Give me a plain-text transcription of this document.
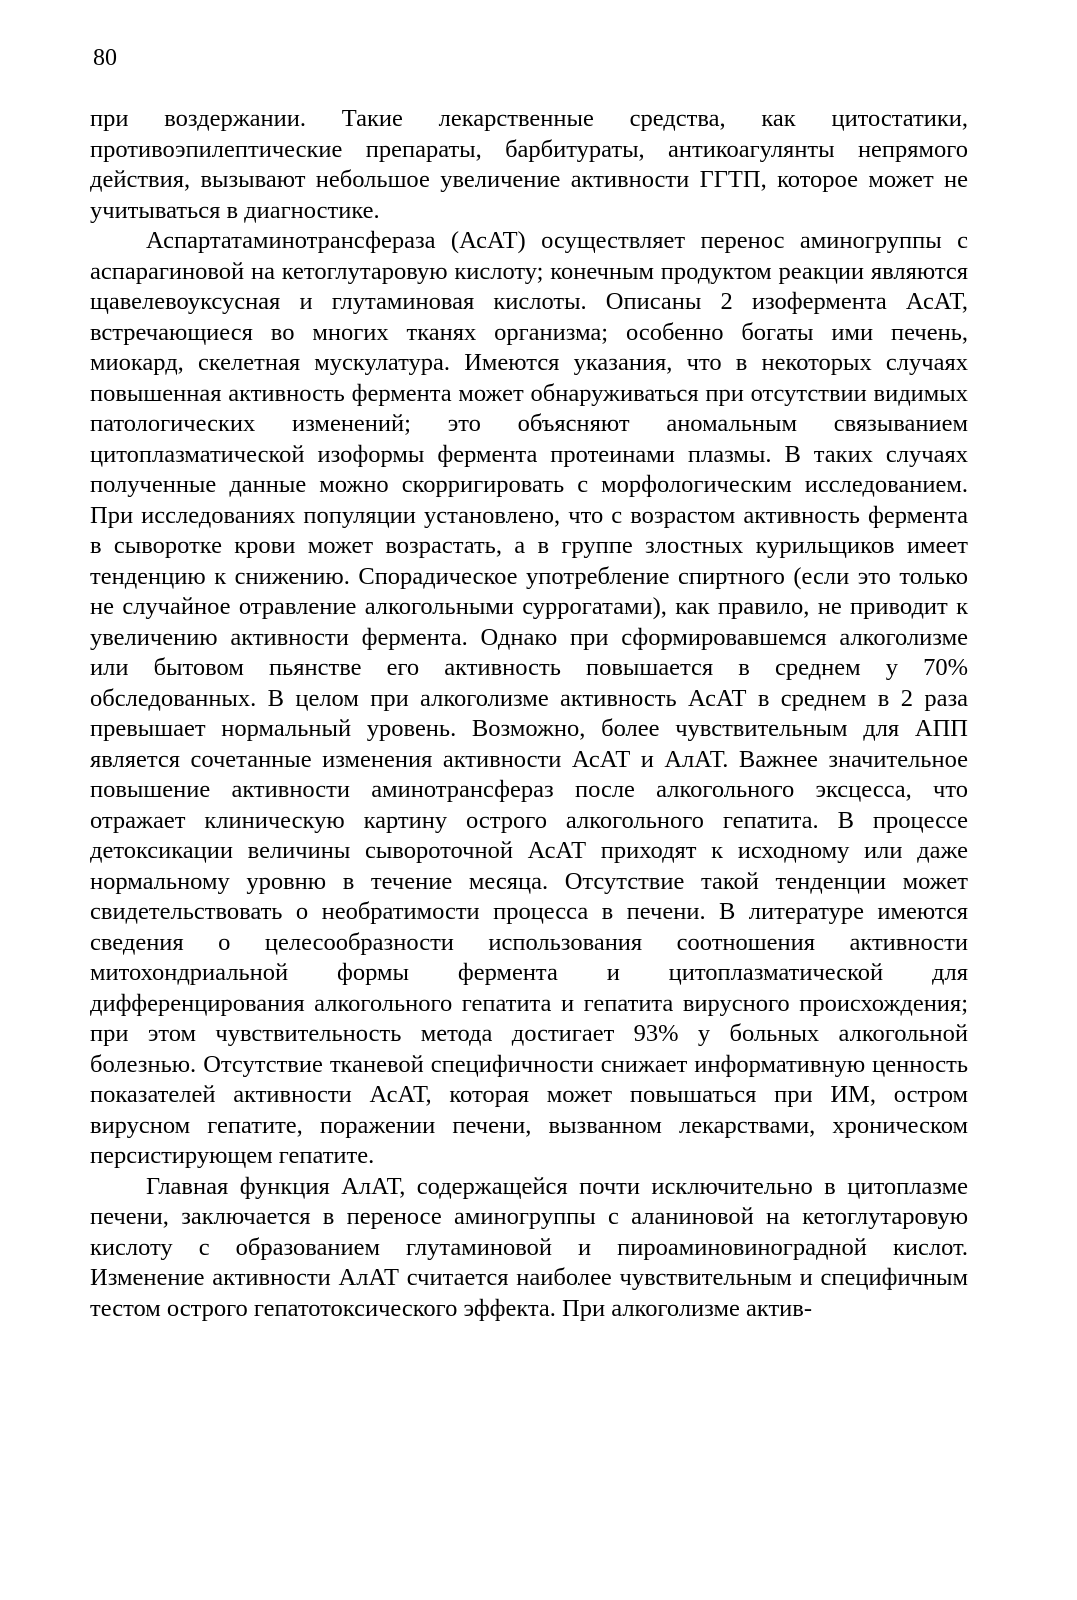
80

при воздержании. Такие лекарственные средства, как цитостатики, противоэпилептические препараты, барбитураты, антикоагулянты непрямого действия, вызывают небольшое увеличение активности ГГТП, которое может не учитываться в диагностике.

Аспартатаминотрансфераза (АсАТ) осуществляет перенос аминогруппы с аспарагиновой на кетоглутаровую кислоту; конечным продуктом реакции являются щавелевоуксусная и глутаминовая кислоты. Описаны 2 изофермента АсАТ, встречающиеся во многих тканях организма; особенно богаты ими печень, миокард, скелетная мускулатура. Имеются указания, что в некоторых случаях повышенная активность фермента может обнаруживаться при отсутствии видимых патологических изменений; это объясняют аномальным связыванием цитоплазматической изоформы фермента протеинами плазмы. В таких случаях полученные данные можно скорригировать с морфологическим исследованием. При исследованиях популяции установлено, что с возрастом активность фермента в сыворотке крови может возрастать, а в группе злостных курильщиков имеет тенденцию к снижению. Спорадическое употребление спиртного (если это только не случайное отравление алкогольными суррогатами), как правило, не приводит к увеличению активности фермента. Однако при сформировавшемся алкоголизме или бытовом пьянстве его активность повышается в среднем у 70% обследованных. В целом при алкоголизме активность АсАТ в среднем в 2 раза превышает нормальный уровень. Возможно, более чувствительным для АПП является сочетанные изменения активности АсАТ и АлАТ. Важнее значительное повышение активности аминотрансфераз после алкогольного эксцесса, что отражает клиническую картину острого алкогольного гепатита. В процессе детоксикации величины сывороточной АсАТ приходят к исходному или даже нормальному уровню в течение месяца. Отсутствие такой тенденции может свидетельствовать о необратимости процесса в печени. В литературе имеются сведения о целесообразности использования соотношения активности митохондриальной формы фермента и цитоплазматической для дифференцирования алкогольного гепатита и гепатита вирусного происхождения; при этом чувствительность метода достигает 93% у больных алкогольной болезнью. Отсутствие тканевой специфичности снижает информативную ценность показателей активности АсАТ, которая может повышаться при ИМ, остром вирусном гепатите, поражении печени, вызванном лекарствами, хроническом персистирующем гепатите.

Главная функция АлАТ, содержащейся почти исключительно в цитоплазме печени, заключается в переносе аминогруппы с аланиновой на кетоглутаровую кислоту с образованием глутаминовой и пироаминовиноградной кислот. Изменение активности АлАТ считается наиболее чувствительным и специфичным тестом острого гепатотоксического эффекта. При алкоголизме актив-
